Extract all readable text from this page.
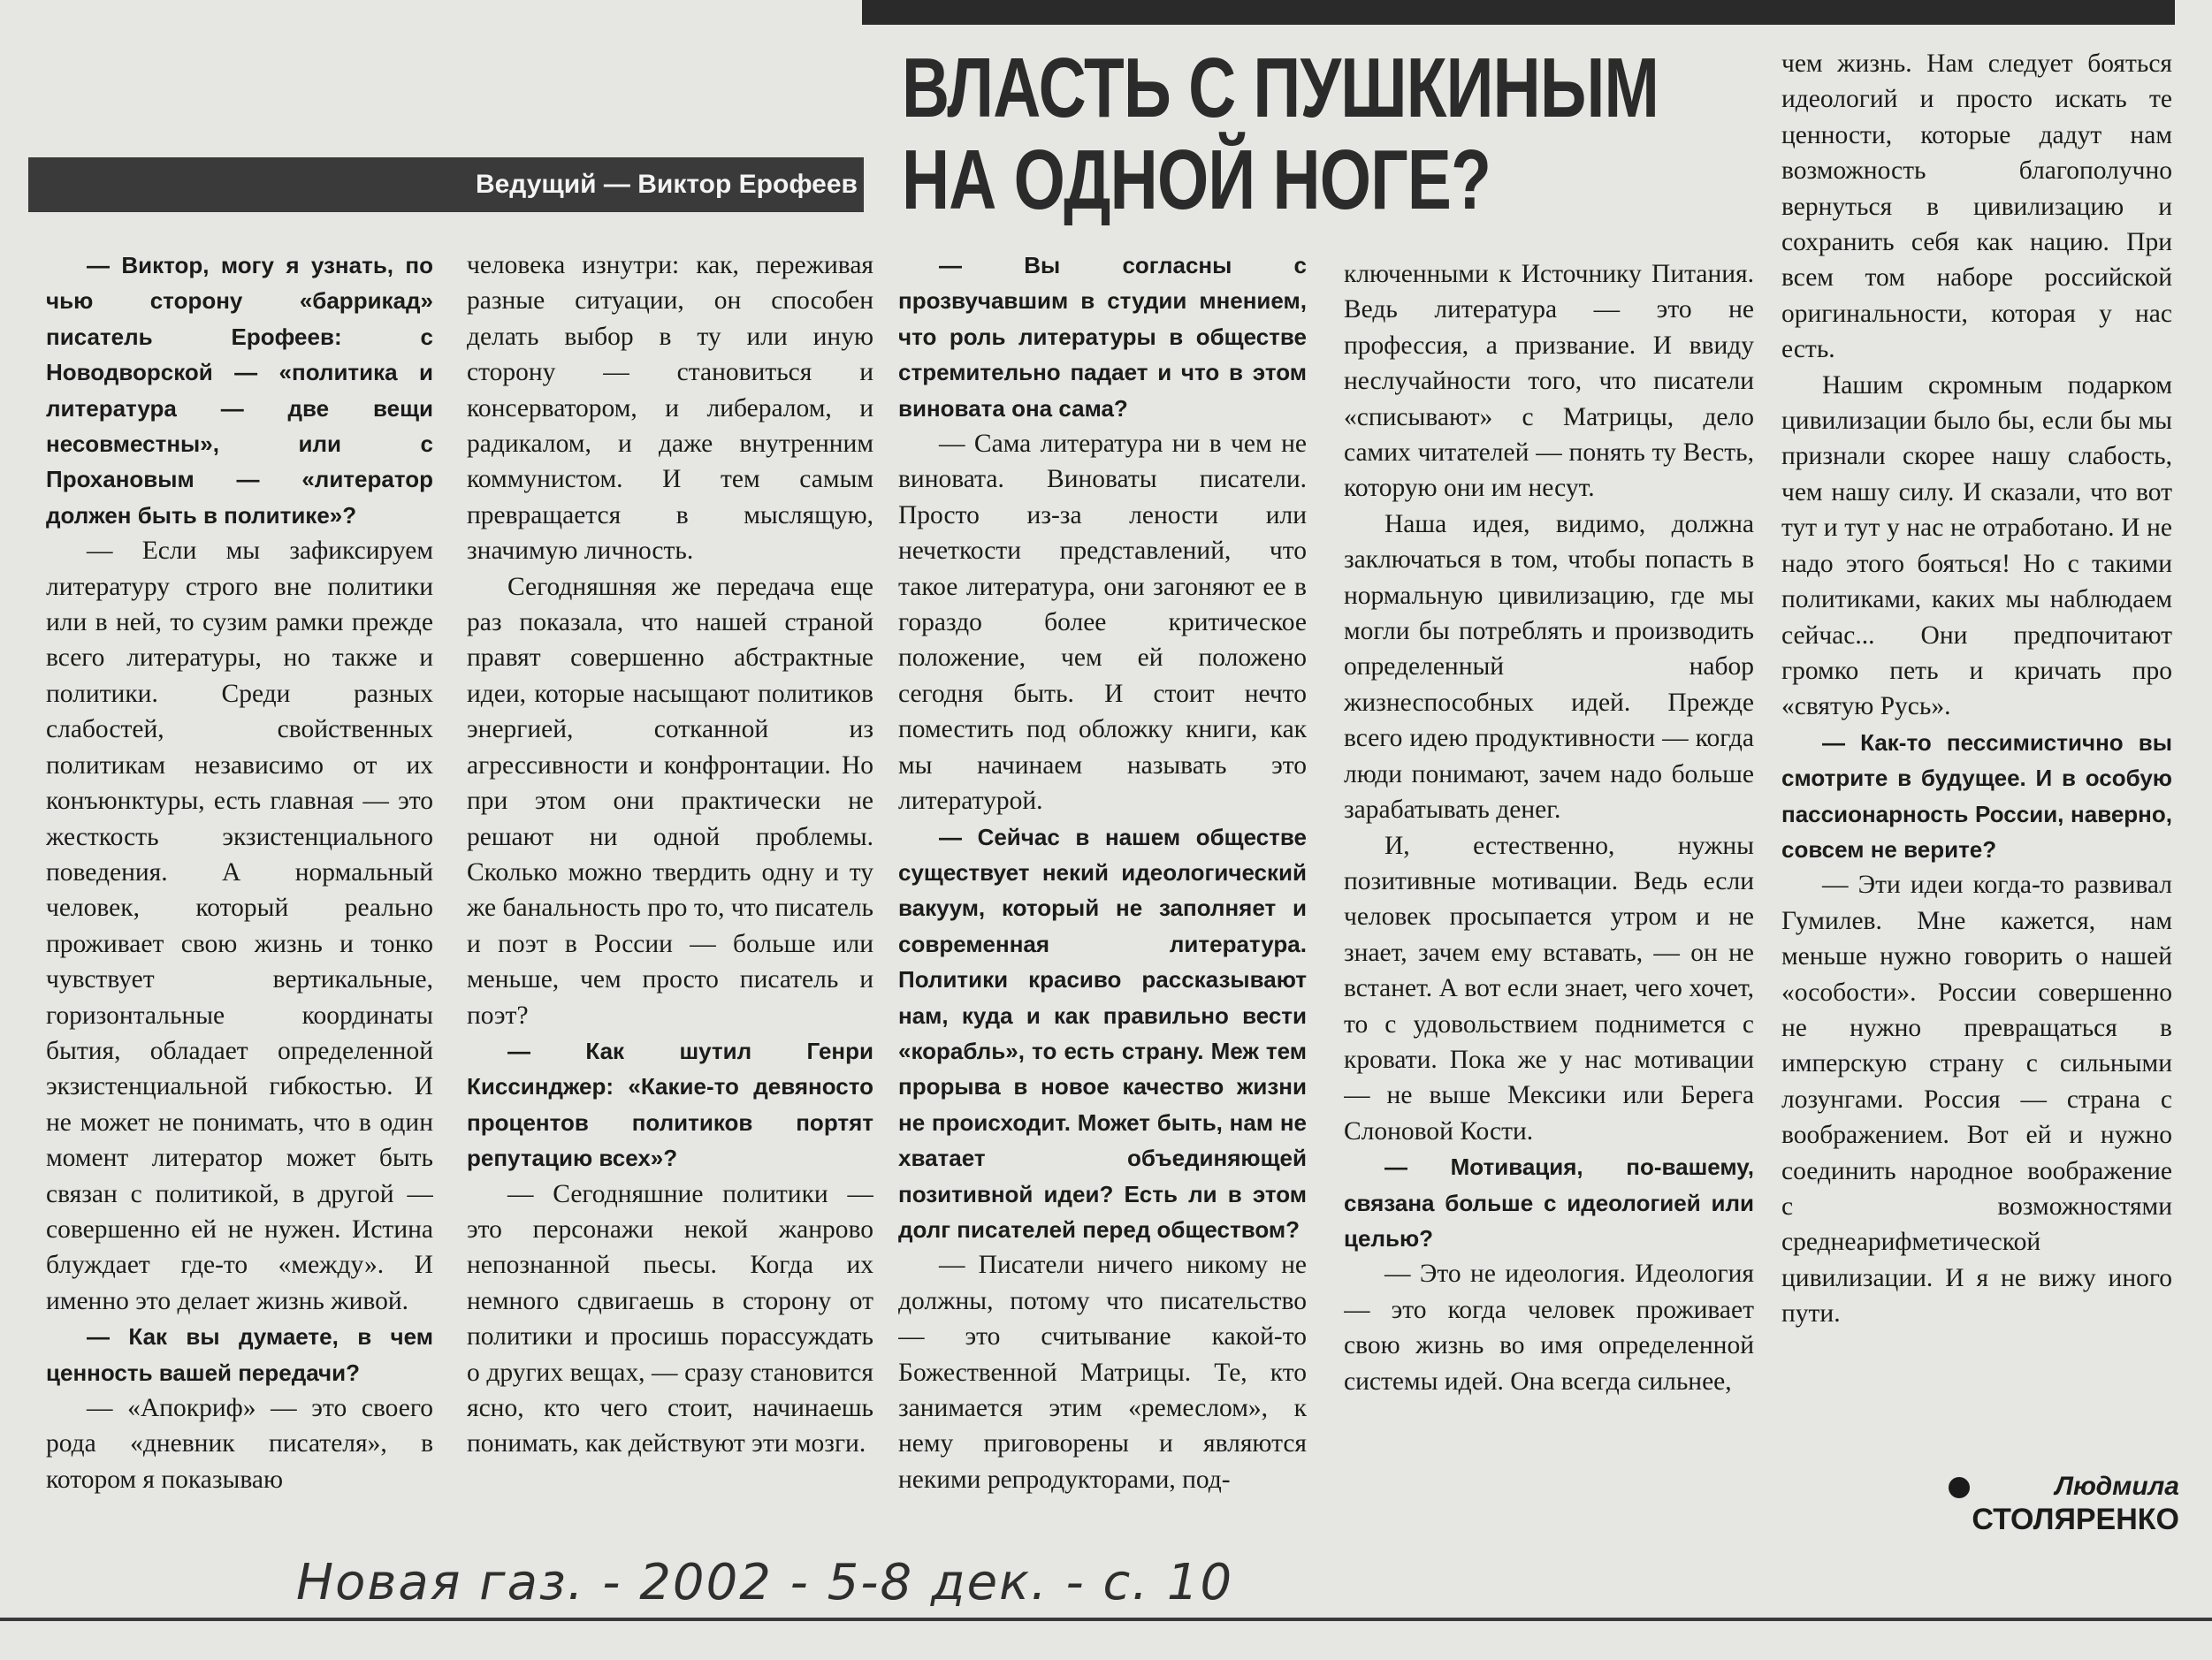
Ведущий — Виктор Ерофеев
ВЛАСТЬ С ПУШКИНЫМ
НА ОДНОЙ НОГЕ?

— Виктор, могу я узнать, по чью сторону «баррикад» писатель Ерофеев: с Новодворской — «политика и литература — две вещи несовместны», или с Прохановым — «литератор должен быть в политике»?

— Если мы зафиксируем литературу строго вне политики или в ней, то сузим рамки прежде всего литературы, но также и политики. Среди разных слабостей, свойственных политикам независимо от их конъюнктуры, есть главная — это жесткость экзистенциального поведения. А нормальный человек, который реально проживает свою жизнь и тонко чувствует вертикальные, горизонтальные координаты бытия, обладает определенной экзистенциальной гибкостью. И не может не понимать, что в один момент литератор может быть связан с политикой, в другой — совершенно ей не нужен. Истина блуждает где-то «между». И именно это делает жизнь живой.

— Как вы думаете, в чем ценность вашей передачи?

— «Апокриф» — это своего рода «дневник писателя», в котором я показываю

человека изнутри: как, переживая разные ситуации, он способен делать выбор в ту или иную сторону — становиться и консерватором, и либералом, и радикалом, и даже внутренним коммунистом. И тем самым превращается в мыслящую, значимую личность.

Сегодняшняя же передача еще раз показала, что нашей страной правят совершенно абстрактные идеи, которые насыщают политиков энергией, сотканной из агрессивности и конфронтации. Но при этом они практически не решают ни одной проблемы. Сколько можно твердить одну и ту же банальность про то, что писатель и поэт в России — больше или меньше, чем просто писатель и поэт?

— Как шутил Генри Киссинджер: «Какие-то девяносто процентов политиков портят репутацию всех»?

— Сегодняшние политики — это персонажи некой жанрово непознанной пьесы. Когда их немного сдвигаешь в сторону от политики и просишь порассуждать о других вещах, — сразу становится ясно, кто чего стоит, начинаешь понимать, как действуют эти мозги.

— Вы согласны с прозвучавшим в студии мнением, что роль литературы в обществе стремительно падает и что в этом виновата она сама?

— Сама литература ни в чем не виновата. Виноваты писатели. Просто из-за лености или нечеткости представлений, что такое литература, они загоняют ее в гораздо более критическое положение, чем ей положено сегодня быть. И стоит нечто поместить под обложку книги, как мы начинаем называть это литературой.

— Сейчас в нашем обществе существует некий идеологический вакуум, который не заполняет и современная литература. Политики красиво рассказывают нам, куда и как правильно вести «корабль», то есть страну. Меж тем прорыва в новое качество жизни не происходит. Может быть, нам не хватает объединяющей позитивной идеи? Есть ли в этом долг писателей перед обществом?

— Писатели ничего никому не должны, потому что писательство — это считывание какой-то Божественной Матрицы. Те, кто занимается этим «ремеслом», к нему приговорены и являются некими репродукторами, под-

ключенными к Источнику Питания. Ведь литература — это не профессия, а призвание. И ввиду неслучайности того, что писатели «списывают» с Матрицы, дело самих читателей — понять ту Весть, которую они им несут.

Наша идея, видимо, должна заключаться в том, чтобы попасть в нормальную цивилизацию, где мы могли бы потреблять и производить определенный набор жизнеспособных идей. Прежде всего идею продуктивности — когда люди понимают, зачем надо больше зарабатывать денег.

И, естественно, нужны позитивные мотивации. Ведь если человек просыпается утром и не знает, зачем ему вставать, — он не встанет. А вот если знает, чего хочет, то с удовольствием поднимется с кровати. Пока же у нас мотивации — не выше Мексики или Берега Слоновой Кости.

— Мотивация, по-вашему, связана больше с идеологией или целью?

— Это не идеология. Идеология — это когда человек проживает свою жизнь во имя определенной системы идей. Она всегда сильнее,

чем жизнь. Нам следует бояться идеологий и просто искать те ценности, которые дадут нам возможность благополучно вернуться в цивилизацию и сохранить себя как нацию. При всем том наборе российской оригинальности, которая у нас есть.

Нашим скромным подарком цивилизации было бы, если бы мы признали скорее нашу слабость, чем нашу силу. И сказали, что вот тут и тут у нас не отработано. И не надо этого бояться! Но с такими политиками, каких мы наблюдаем сейчас... Они предпочитают громко петь и кричать про «святую Русь».

— Как-то пессимистично вы смотрите в будущее. И в особую пассионарность России, наверно, совсем не верите?

— Эти идеи когда-то развивал Гумилев. Мне кажется, нам меньше нужно говорить о нашей «особости». России совершенно не нужно превращаться в имперскую страну с сильными лозунгами. Россия — страна с воображением. Вот ей и нужно соединить народное воображение с возможностями среднеарифметической цивилизации. И я не вижу иного пути.

Людмила
СТОЛЯРЕНКО
Новая газ. - 2002 - 5-8 дек. - с. 10
